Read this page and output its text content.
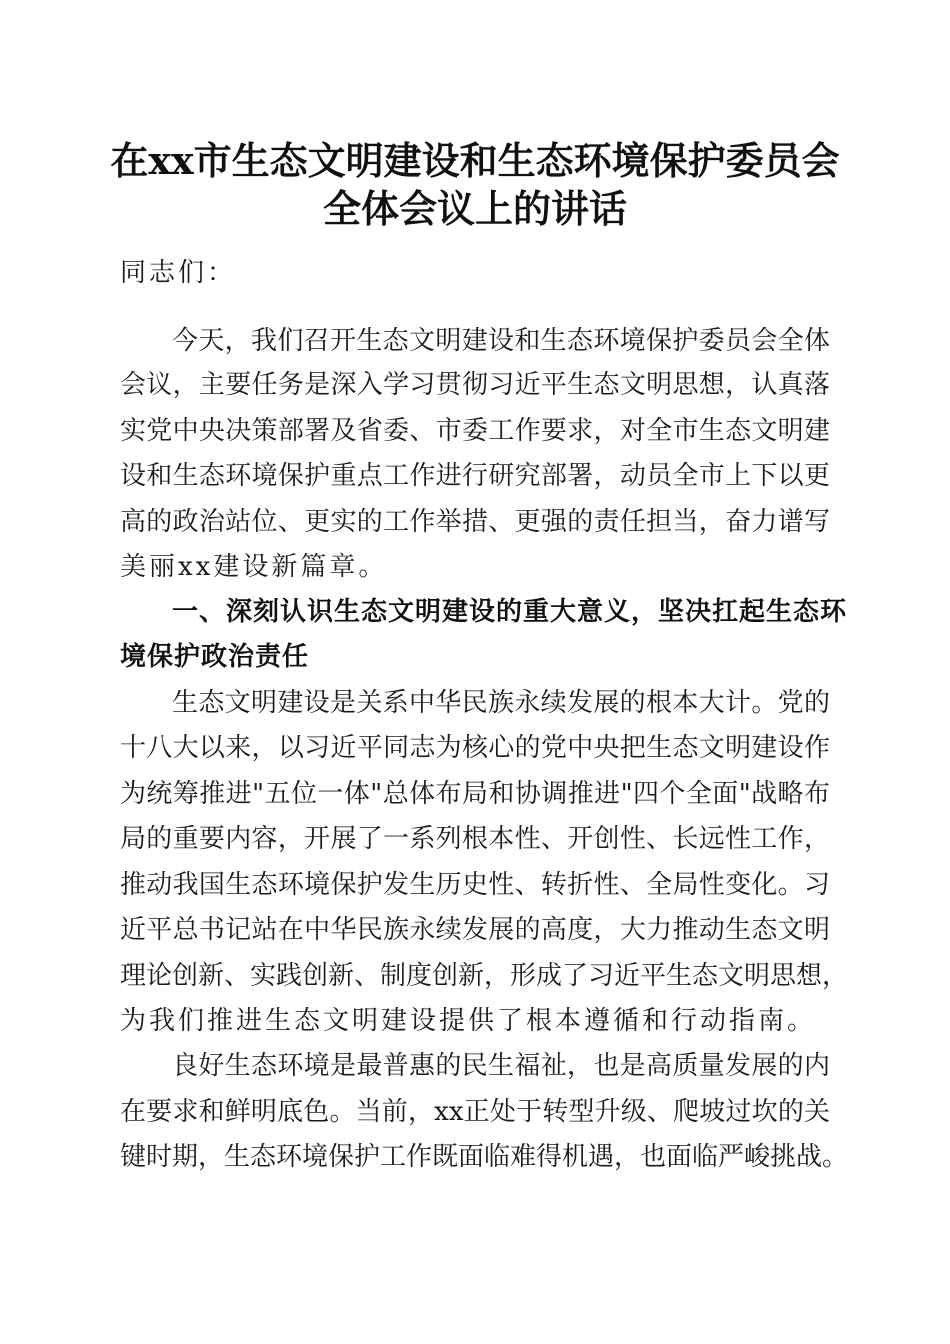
在xx市生态文明建设和生态环境保护委员会
全体会议上的讲话
同志们：
今天，我们召开生态文明建设和生态环境保护委员会全体
会议，主要任务是深入学习贯彻习近平生态文明思想，认真落
实党中央决策部署及省委、市委工作要求，对全市生态文明建
设和生态环境保护重点工作进行研究部署，动员全市上下以更
高的政治站位、更实的工作举措、更强的责任担当，奋力谱写
美丽xx建设新篇章。
一、深刻认识生态文明建设的重大意义，坚决扛起生态环
境保护政治责任
生态文明建设是关系中华民族永续发展的根本大计。党的
十八大以来，以习近平同志为核心的党中央把生态文明建设作
为统筹推进"五位一体"总体布局和协调推进"四个全面"战略布
局的重要内容，开展了一系列根本性、开创性、长远性工作，
推动我国生态环境保护发生历史性、转折性、全局性变化。习
近平总书记站在中华民族永续发展的高度，大力推动生态文明
理论创新、实践创新、制度创新，形成了习近平生态文明思想，
为我们推进生态文明建设提供了根本遵循和行动指南。
良好生态环境是最普惠的民生福祉，也是高质量发展的内
在要求和鲜明底色。当前，xx正处于转型升级、爬坡过坎的关
键时期，生态环境保护工作既面临难得机遇，也面临严峻挑战。
